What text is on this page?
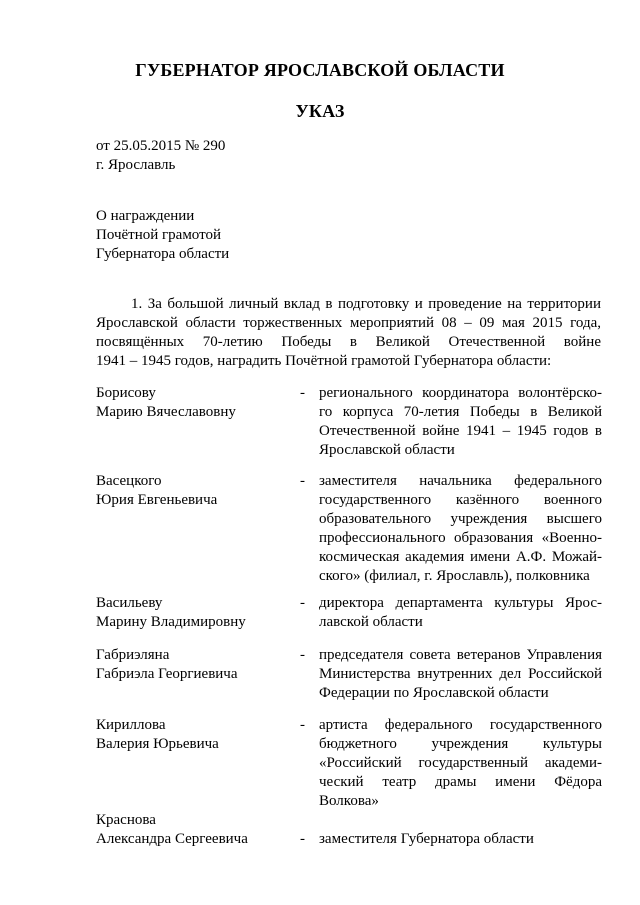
ГУБЕРНАТОР ЯРОСЛАВСКОЙ ОБЛАСТИ
УКАЗ
от 25.05.2015 № 290
г. Ярославль
О награждении
Почётной грамотой
Губернатора области
1. За большой личный вклад в подготовку и проведение на территории
Ярославской области торжественных мероприятий 08 – 09 мая 2015 года,
посвящённых 70-летию Победы в Великой Отечественной войне
1941 – 1945 годов, наградить Почётной грамотой Губернатора области:
Борисову
Марию Вячеславовну
- регионального координатора волонтёрско-
го корпуса 70-летия Победы в Великой
Отечественной войне 1941 – 1945 годов в
Ярославской области
Васецкого
Юрия Евгеньевича
- заместителя начальника федерального
государственного казённого военного
образовательного учреждения высшего
профессионального образования «Военно-
космическая академия имени А.Ф. Можай-
ского» (филиал, г. Ярославль), полковника
Васильеву
Марину Владимировну
- директора департамента культуры Ярос-
лавской области
Габриэляна
Габриэла Георгиевича
- председателя совета ветеранов Управления
Министерства внутренних дел Российской
Федерации по Ярославской области
Кириллова
Валерия Юрьевича
- артиста федерального государственного
бюджетного учреждения культуры
«Российский государственный академи-
ческий театр драмы имени Фёдора
Волкова»
Краснова
Александра Сергеевича	- заместителя Губернатора области
